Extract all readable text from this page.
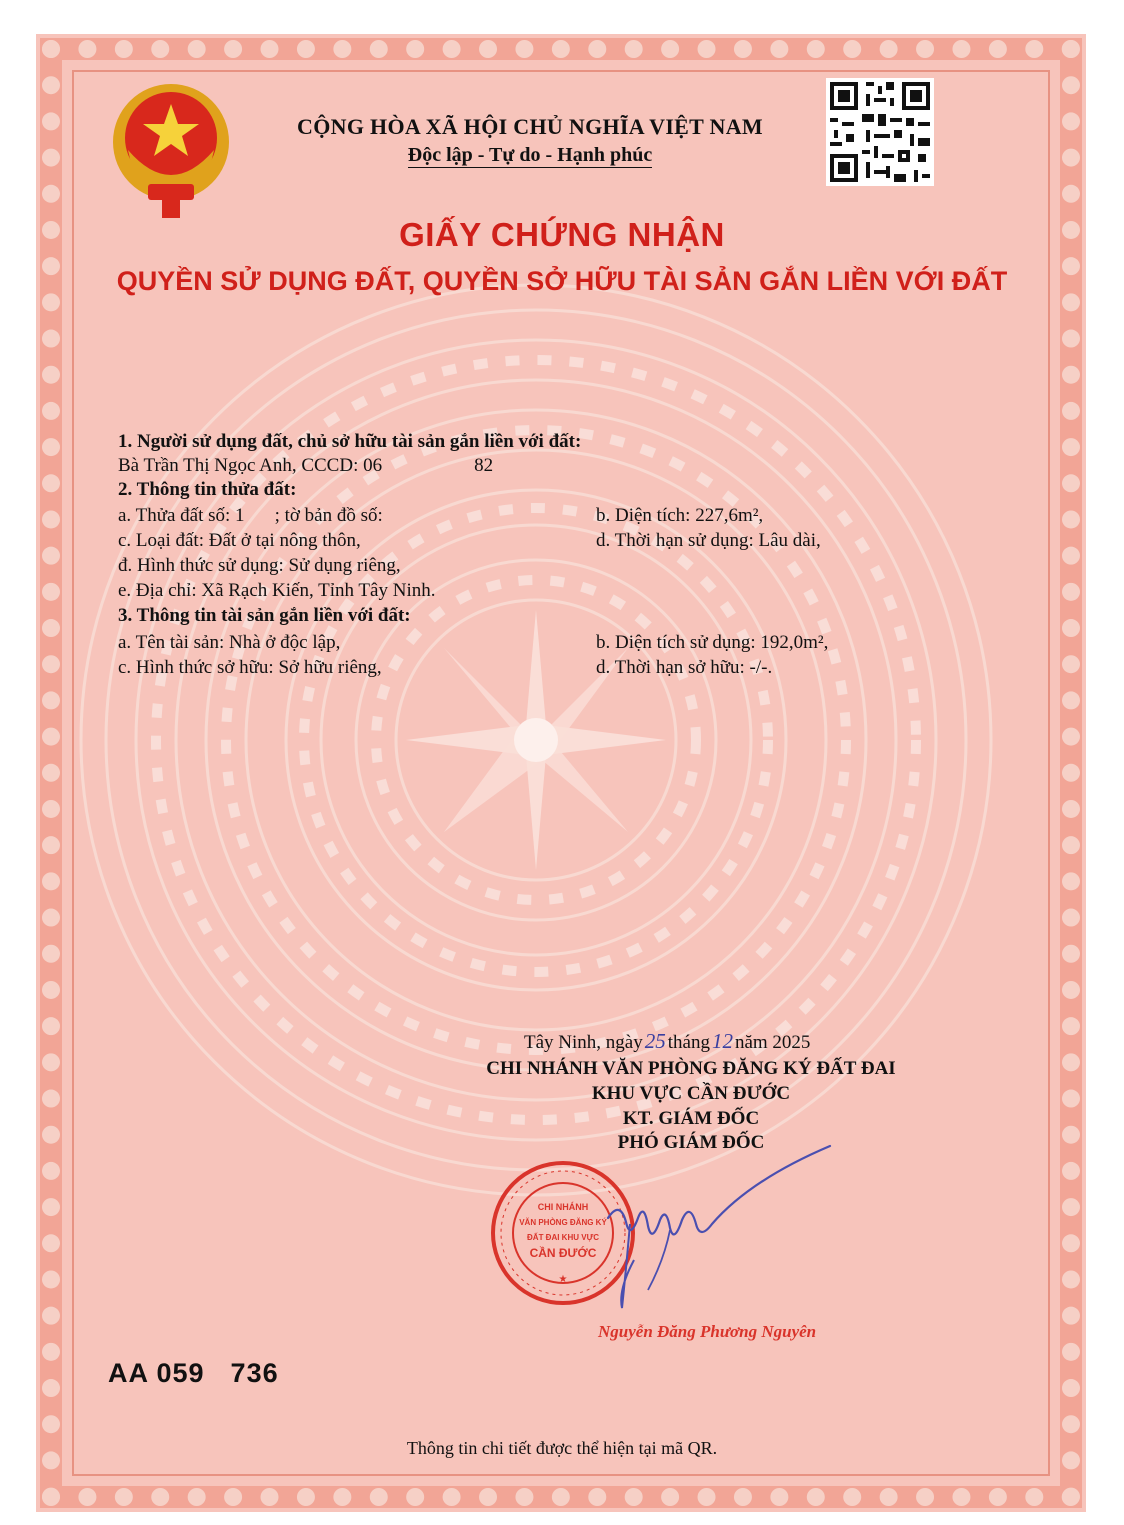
CỘNG HÒA XÃ HỘI CHỦ NGHĨA VIỆT NAM
Độc lập - Tự do - Hạnh phúc
GIẤY CHỨNG NHẬN
QUYỀN SỬ DỤNG ĐẤT, QUYỀN SỞ HỮU TÀI SẢN GẮN LIỀN VỚI ĐẤT
1. Người sử dụng đất, chủ sở hữu tài sản gắn liền với đất:
Bà Trần Thị Ngọc Anh, CCCD: 06	82
2. Thông tin thửa đất:
a. Thửa đất số: 1 ; tờ bản đồ số:	b. Diện tích: 227,6m²,
c. Loại đất: Đất ở tại nông thôn,	d. Thời hạn sử dụng: Lâu dài,
đ. Hình thức sử dụng: Sử dụng riêng,
e. Địa chỉ: Xã Rạch Kiến, Tỉnh Tây Ninh.
3. Thông tin tài sản gắn liền với đất:
a. Tên tài sản: Nhà ở độc lập,	b. Diện tích sử dụng: 192,0m²,
c. Hình thức sở hữu: Sở hữu riêng,	d. Thời hạn sở hữu: -/-.
Tây Ninh, ngày25 tháng12 năm 2025
CHI NHÁNH VĂN PHÒNG ĐĂNG KÝ ĐẤT ĐAI
KHU VỰC CẦN ĐƯỚC
KT. GIÁM ĐỐC
PHÓ GIÁM ĐỐC
CHI NHÁNH
VĂN PHÒNG ĐĂNG KÝ
ĐẤT ĐAI KHU VỰC
CẦN ĐƯỚC
★
Nguyễn Đăng Phương Nguyên
AA 059 736
Thông tin chi tiết được thể hiện tại mã QR.
